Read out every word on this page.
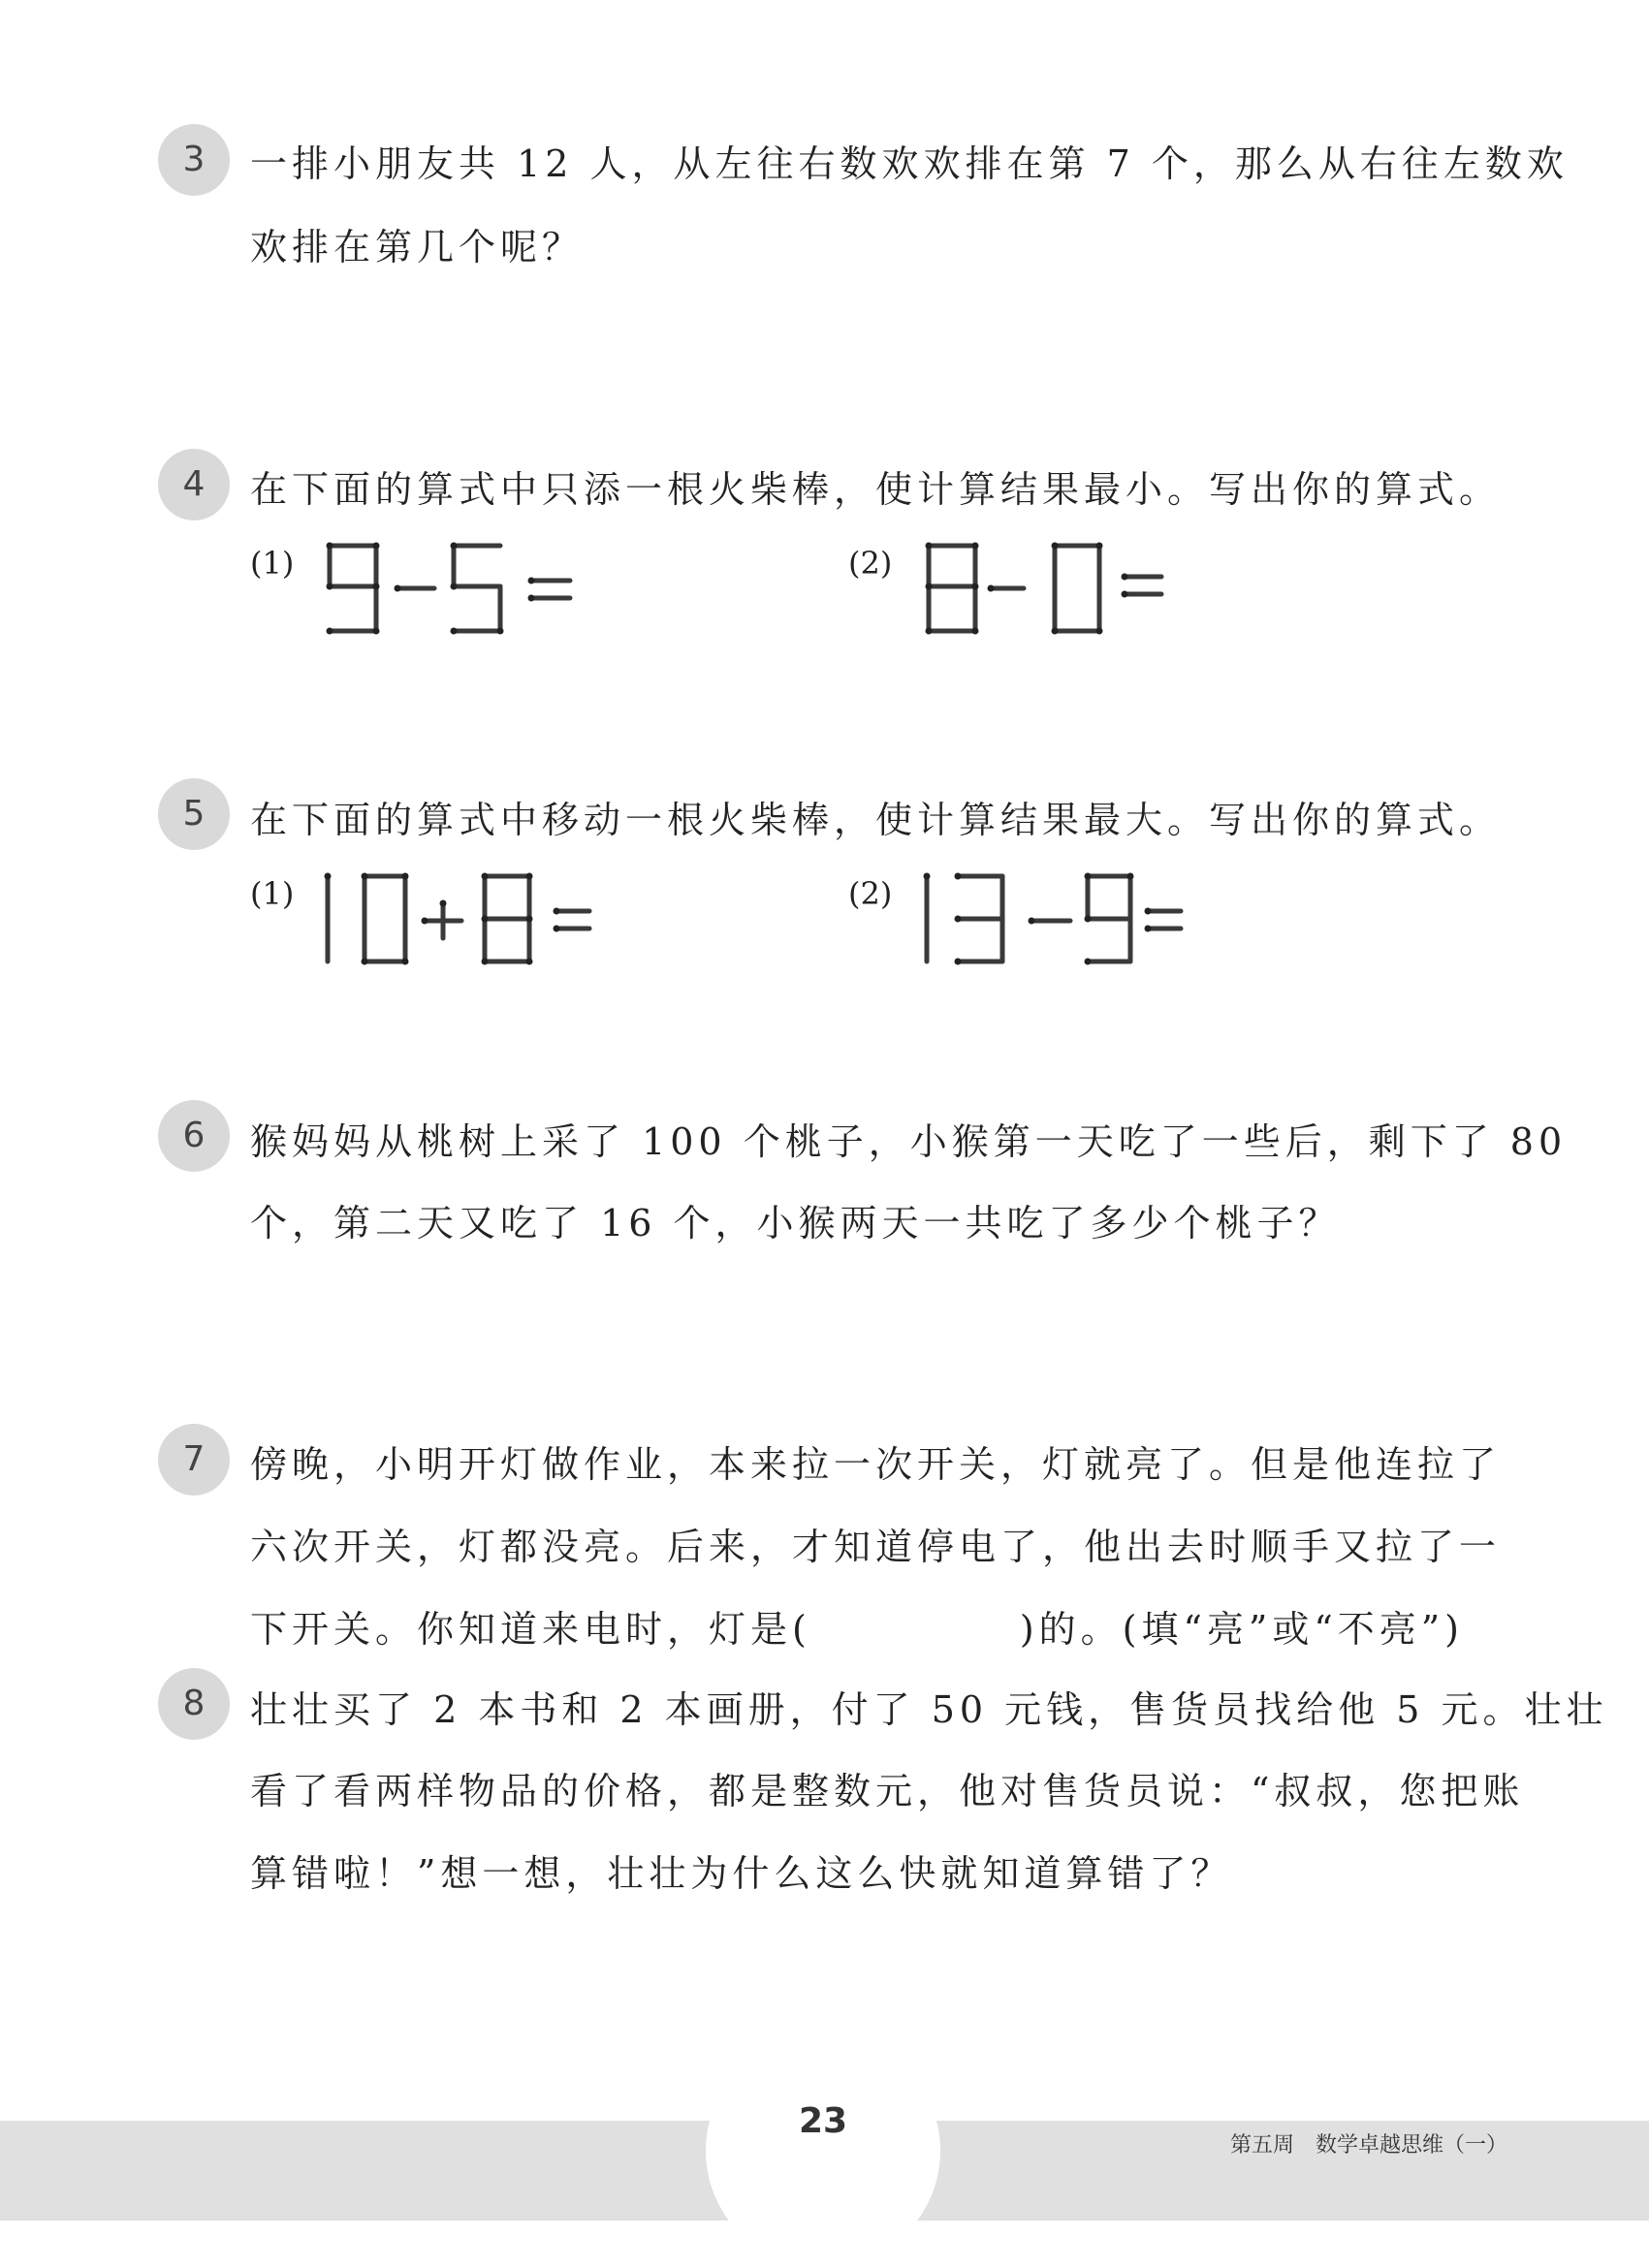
3	一排小朋友共 12 人，从左往右数欢欢排在第 7 个，那么从右往左数欢
欢排在第几个呢？
4	在下面的算式中只添一根火柴棒，使计算结果最小。写出你的算式。
(1)	(2)
5	在下面的算式中移动一根火柴棒，使计算结果最大。写出你的算式。
(1)	(2)
6	猴妈妈从桃树上采了 100 个桃子，小猴第一天吃了一些后，剩下了 80
个，第二天又吃了 16 个，小猴两天一共吃了多少个桃子？
7	傍晚，小明开灯做作业，本来拉一次开关，灯就亮了。但是他连拉了
六次开关，灯都没亮。后来，才知道停电了，他出去时顺手又拉了一
下开关。你知道来电时，灯是(　　　　　)的。(填“亮”或“不亮”)
8	壮壮买了 2 本书和 2 本画册，付了 50 元钱，售货员找给他 5 元。壮壮
看了看两样物品的价格，都是整数元，他对售货员说：“叔叔，您把账
算错啦！”想一想，壮壮为什么这么快就知道算错了？
23
第五周　数学卓越思维（一）
